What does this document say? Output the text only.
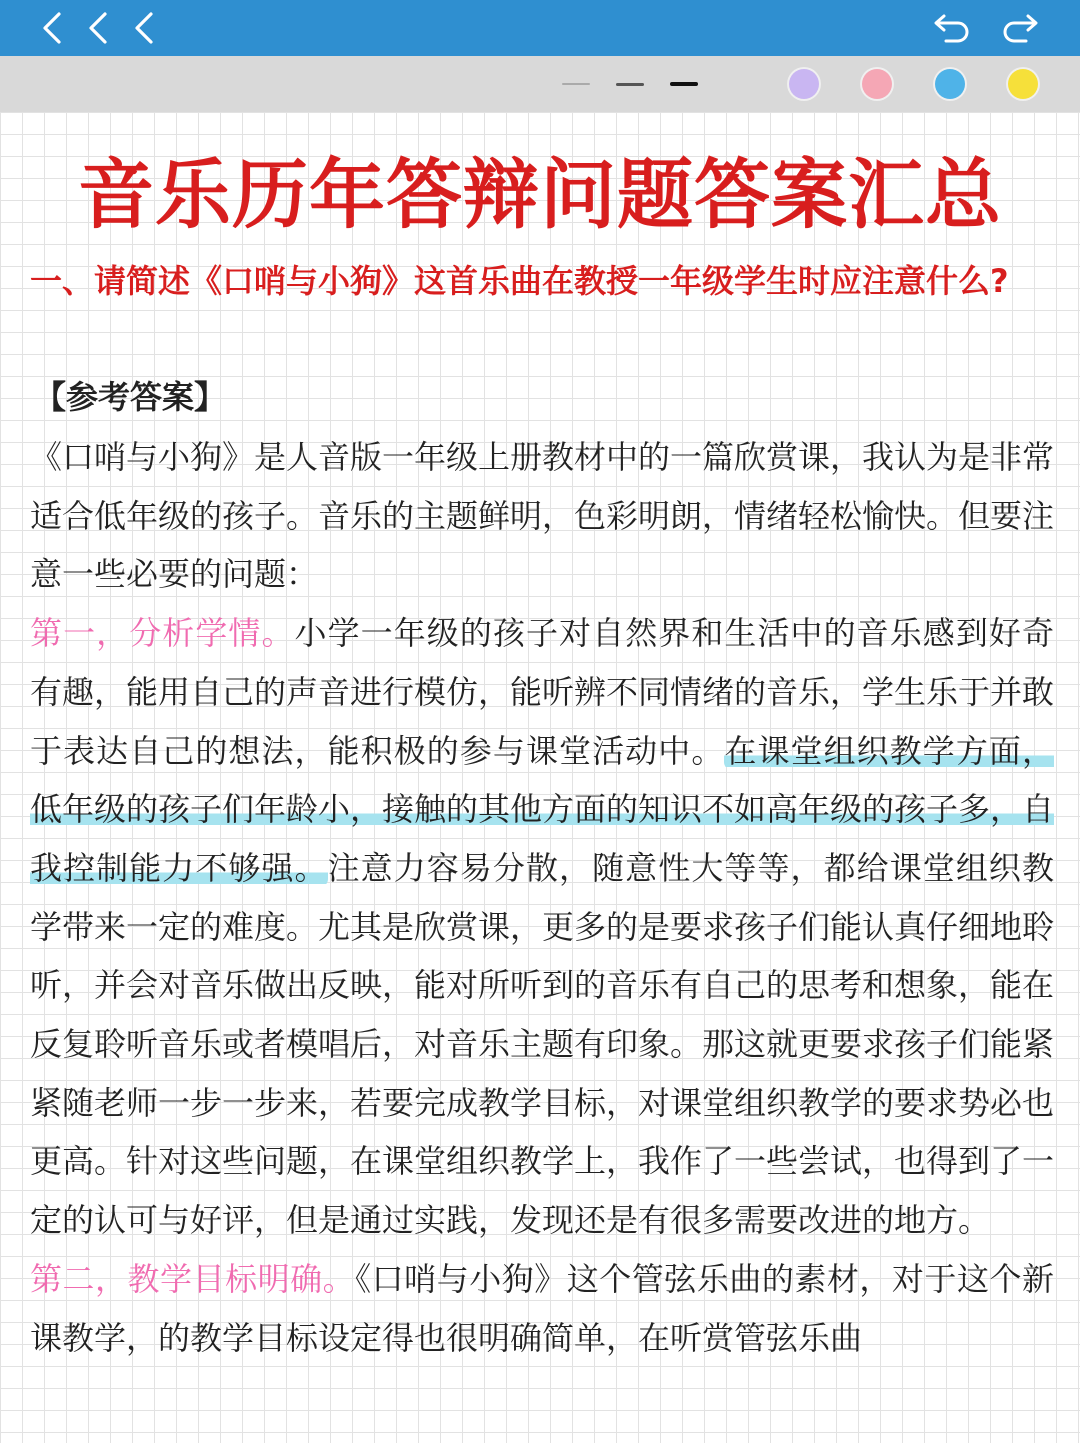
音乐历年答辩问题答案汇总
一、请简述《口哨与小狗》这首乐曲在教授一年级学生时应注意什么?
【参考答案】

《口哨与小狗》是人音版一年级上册教材中的一篇欣赏课，我认为是非常适合低年级的孩子。音乐的主题鲜明，色彩明朗，情绪轻松愉快。但要注意一些必要的问题：

第一，分析学情。小学一年级的孩子对自然界和生活中的音乐感到好奇有趣，能用自己的声音进行模仿，能听辨不同情绪的音乐，学生乐于并敢于表达自己的想法，能积极的参与课堂活动中。在课堂组织教学方面，低年级的孩子们年龄小，接触的其他方面的知识不如高年级的孩子多，自我控制能力不够强。注意力容易分散，随意性大等等，都给课堂组织教学带来一定的难度。尤其是欣赏课，更多的是要求孩子们能认真仔细地聆听，并会对音乐做出反映，能对所听到的音乐有自己的思考和想象，能在反复聆听音乐或者模唱后，对音乐主题有印象。那这就更要求孩子们能紧紧随老师一步一步来，若要完成教学目标，对课堂组织教学的要求势必也更高。针对这些问题，在课堂组织教学上，我作了一些尝试，也得到了一定的认可与好评，但是通过实践，发现还是有很多需要改进的地方。

第二，教学目标明确。《口哨与小狗》这个管弦乐曲的素材，对于这个新课教学，的教学目标设定得也很明确简单，在听赏管弦乐曲
